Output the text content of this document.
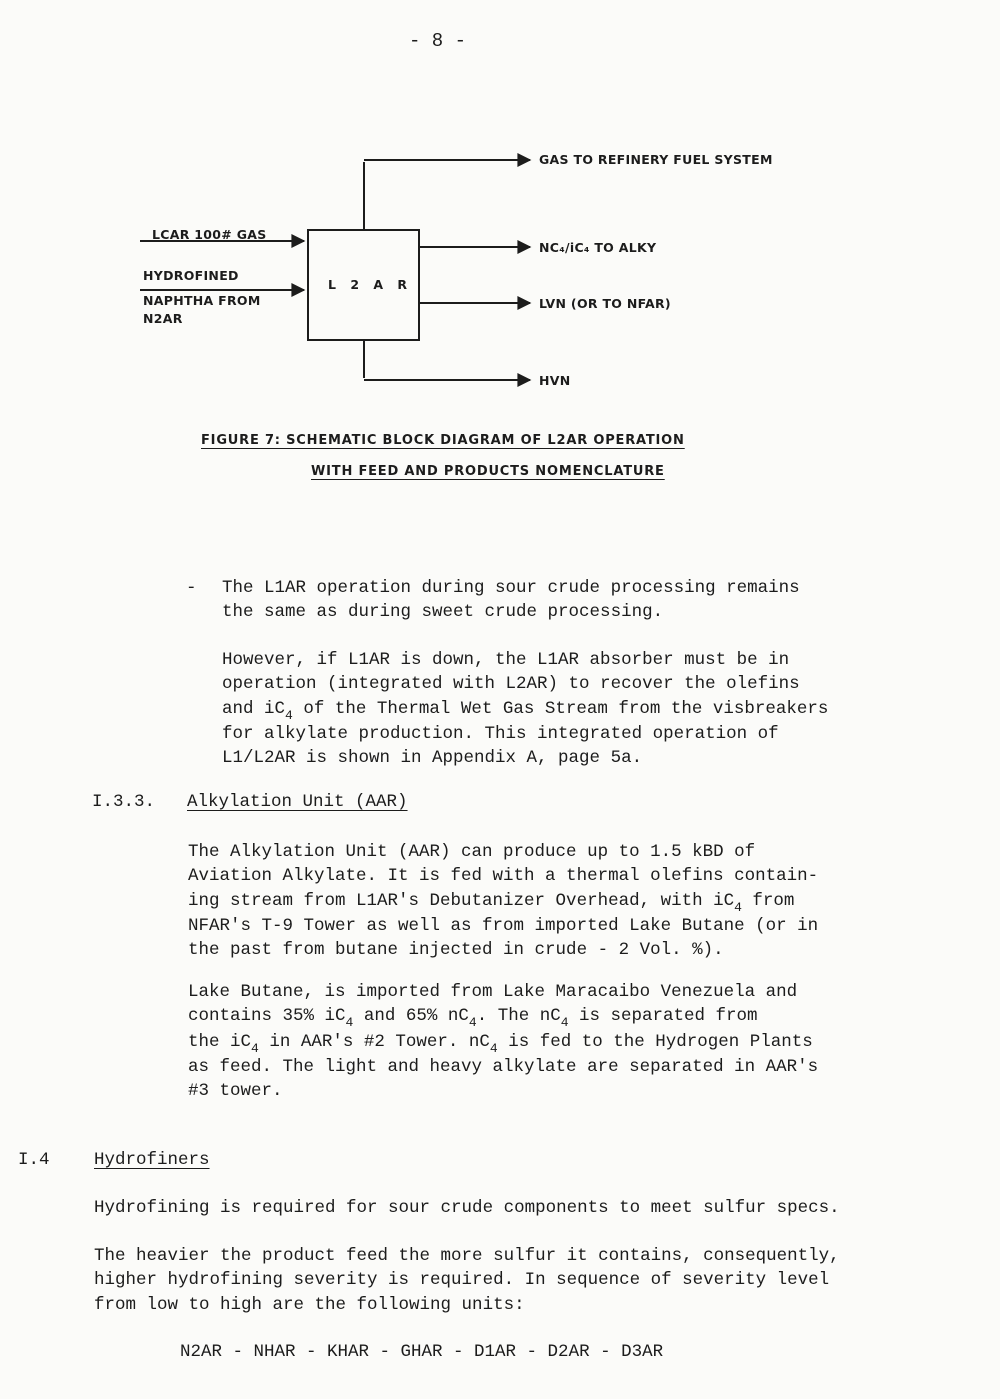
- 8 -
L 2 A R
LCAR 100# GAS
HYDROFINED
NAPHTHA FROM
N2AR
GAS TO REFINERY FUEL SYSTEM
NC₄/iC₄ TO ALKY
LVN (OR TO NFAR)
HVN
FIGURE 7: SCHEMATIC BLOCK DIAGRAM OF L2AR OPERATION
WITH FEED AND PRODUCTS NOMENCLATURE
- The L1AR operation during sour crude processing remains

the same as during sweet crude processing.

However, if L1AR is down, the L1AR absorber must be in

operation (integrated with L2AR) to recover the olefins

and $iC_4$ of the Thermal Wet Gas Stream from the visbreakers

for alkylate production. This integrated operation of

L1/L2AR is shown in Appendix A, page 5a.

I.3.3. Alkylation Unit (AAR)

The Alkylation Unit (AAR) can produce up to 1.5 kBD of

Aviation Alkylate. It is fed with a thermal olefins contain-

ing stream from L1AR's Debutanizer Overhead, with $iC_4$ from

NFAR's T-9 Tower as well as from imported Lake Butane (or in

the past from butane injected in crude - 2 Vol. %).

Lake Butane, is imported from Lake Maracaibo Venezuela and

contains 35% $iC_4$ and 65% $nC_4$. The $nC_4$ is separated from

the $iC_4$ in AAR's #2 Tower. $nC_4$ is fed to the Hydrogen Plants

as feed. The light and heavy alkylate are separated in AAR's

#3 tower.

I.4	Hydrofiners
Hydrofining is required for sour crude components to meet sulfur specs.

The heavier the product feed the more sulfur it contains, consequently,

higher hydrofining severity is required. In sequence of severity level

from low to high are the following units:

N2AR - NHAR - KHAR - GHAR - D1AR - D2AR - D3AR
